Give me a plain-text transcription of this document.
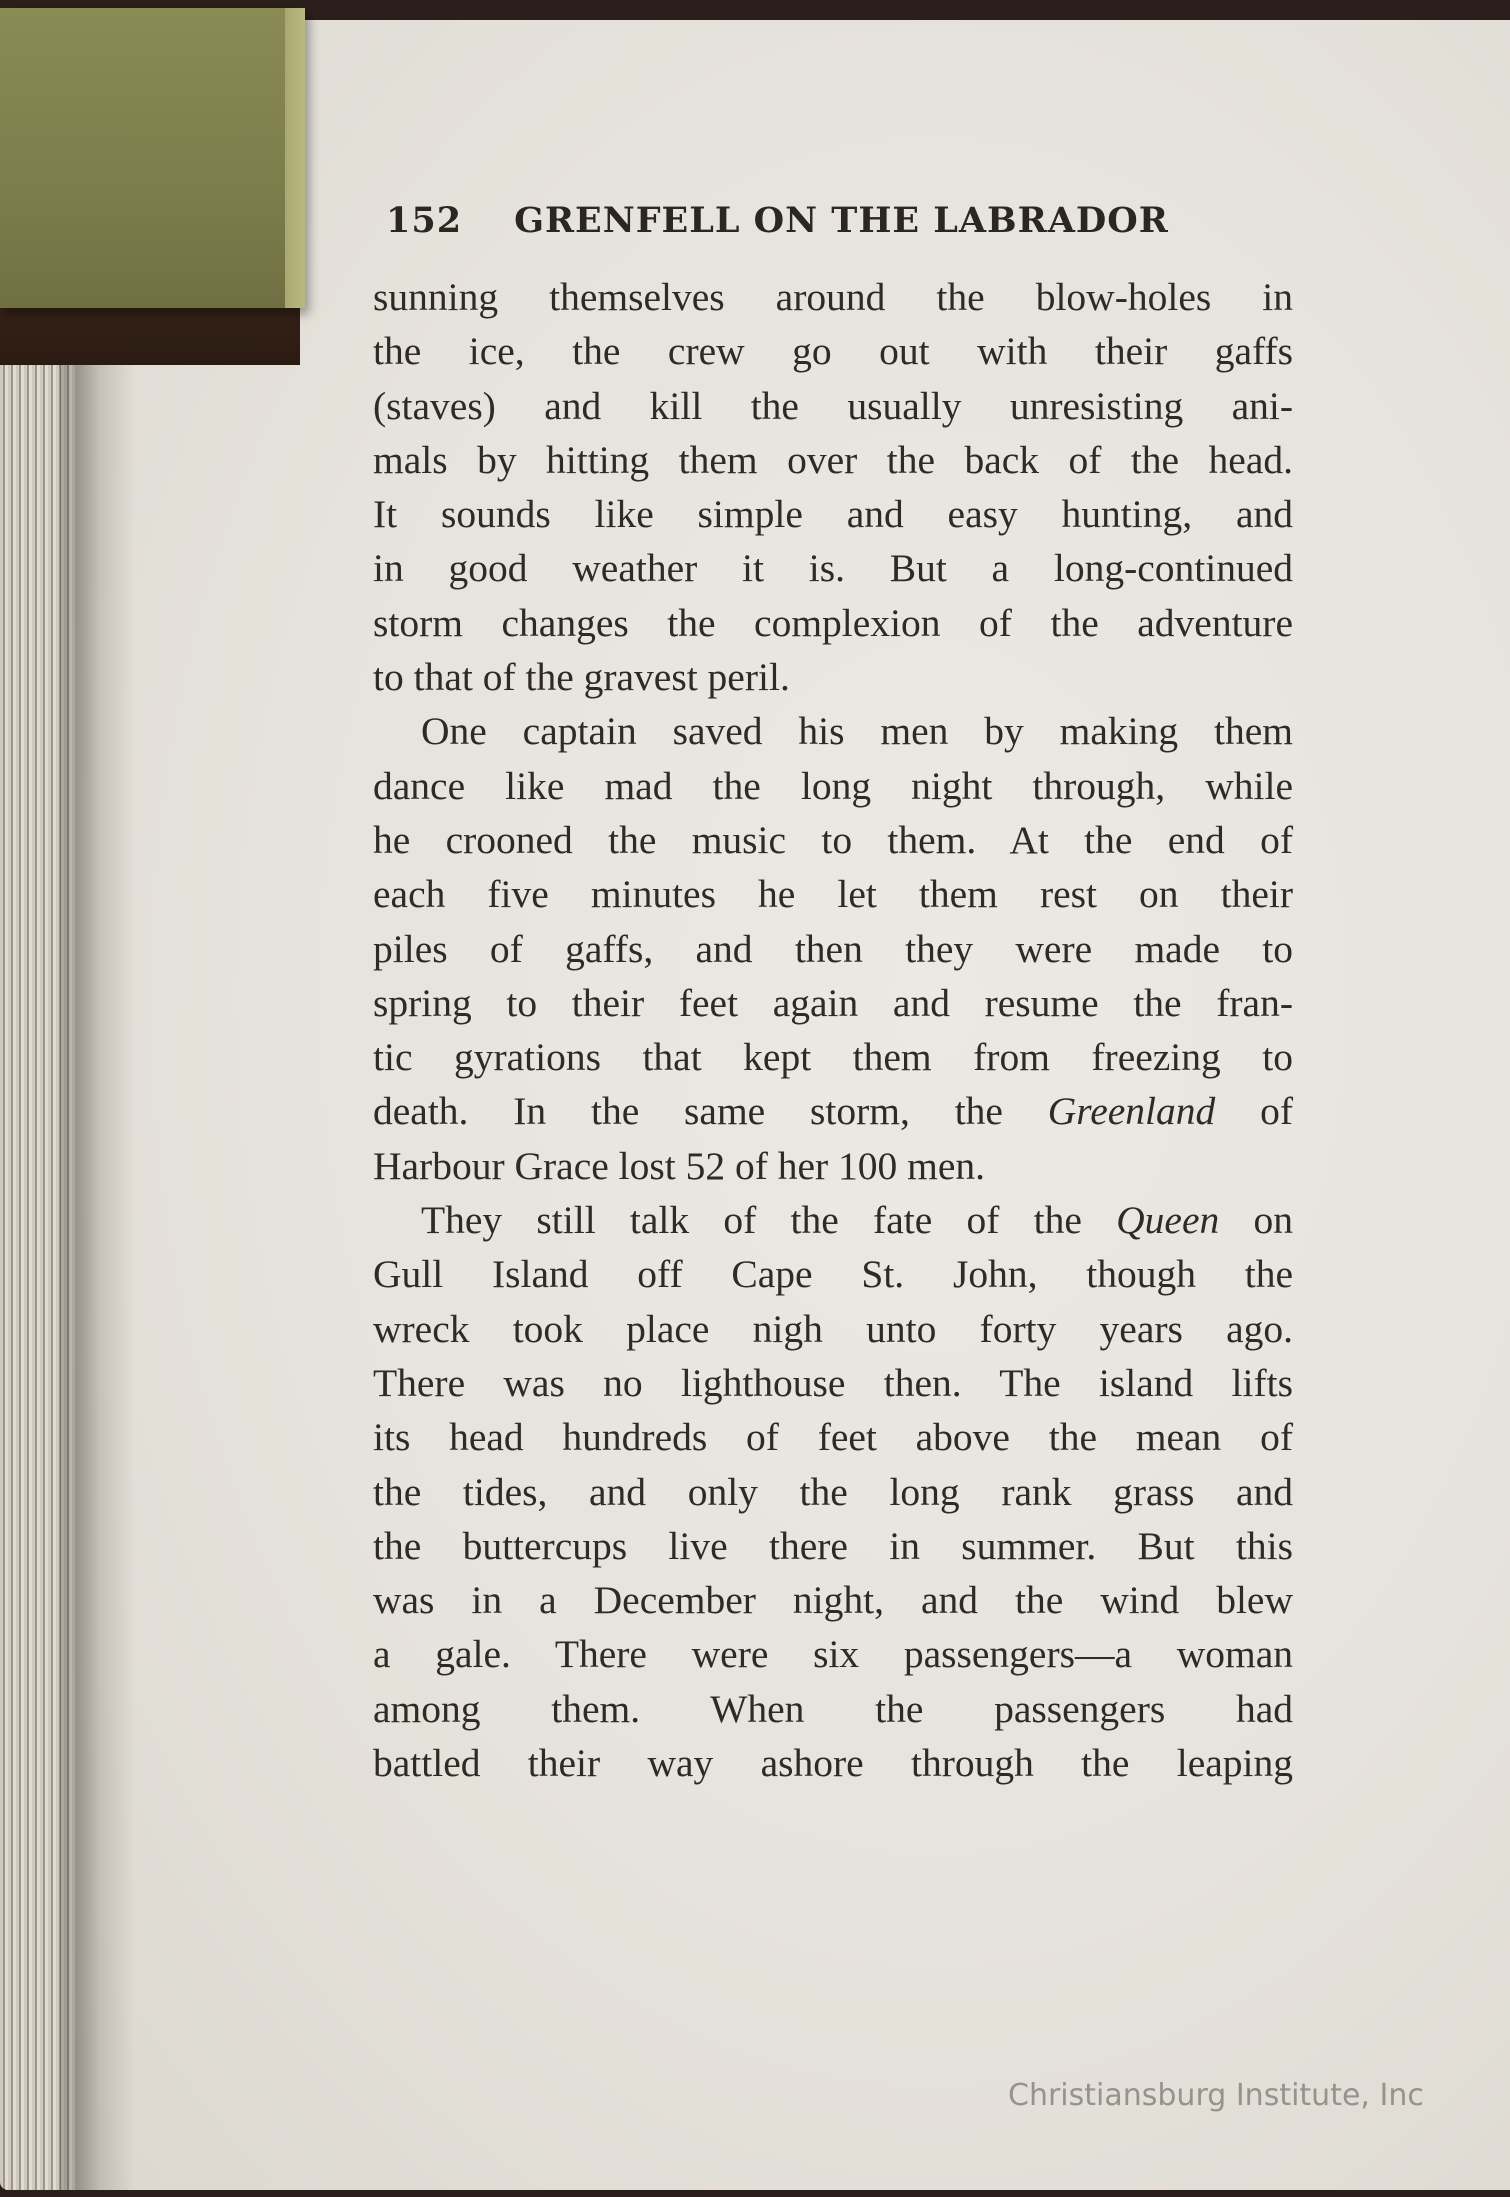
152 GRENFELL ON THE LABRADOR
sunning themselves around the blow-holes in
the ice, the crew go out with their gaffs
(staves) and kill the usually unresisting ani-
mals by hitting them over the back of the head.
It sounds like simple and easy hunting, and
in good weather it is. But a long-continued
storm changes the complexion of the adventure
to that of the gravest peril.
One captain saved his men by making them
dance like mad the long night through, while
he crooned the music to them. At the end of
each five minutes he let them rest on their
piles of gaffs, and then they were made to
spring to their feet again and resume the fran-
tic gyrations that kept them from freezing to
death. In the same storm, the Greenland of
Harbour Grace lost 52 of her 100 men.
They still talk of the fate of the Queen on
Gull Island off Cape St. John, though the
wreck took place nigh unto forty years ago.
There was no lighthouse then. The island lifts
its head hundreds of feet above the mean of
the tides, and only the long rank grass and
the buttercups live there in summer. But this
was in a December night, and the wind blew
a gale. There were six passengers—a woman
among them. When the passengers had
battled their way ashore through the leaping
Christiansburg Institute, Inc
